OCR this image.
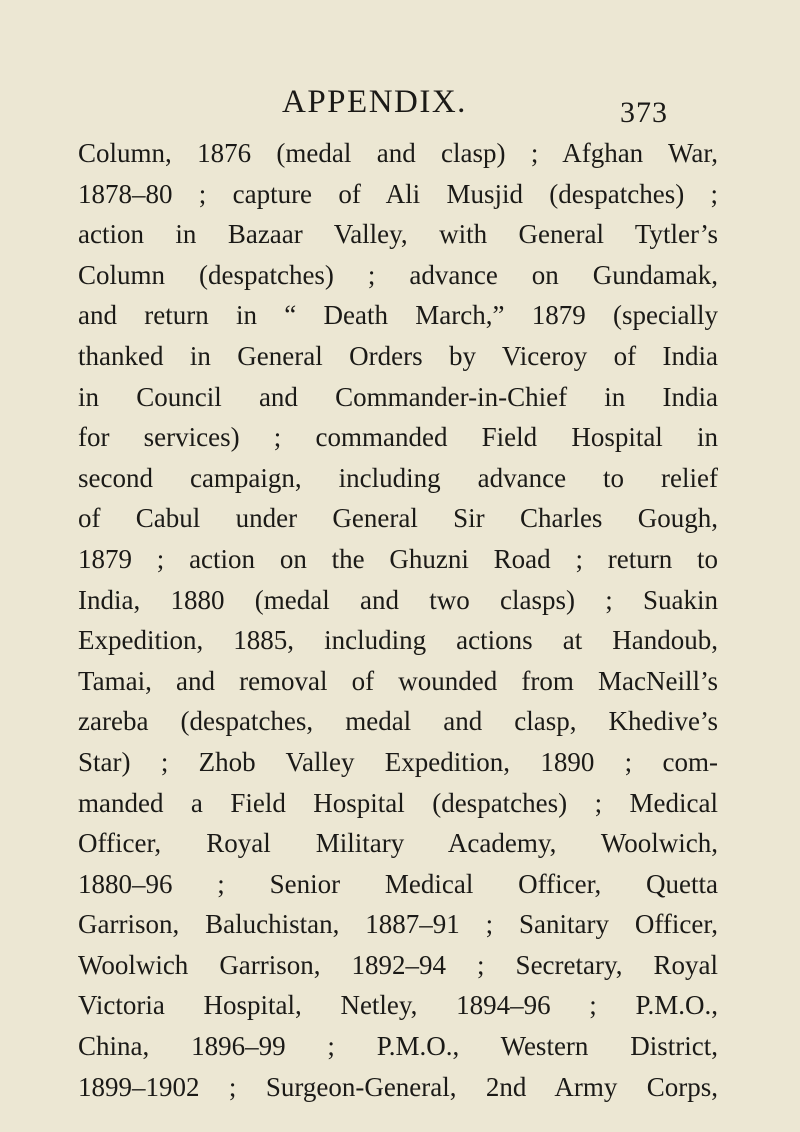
APPENDIX.	373
Column, 1876 (medal and clasp) ; Afghan War,
1878–80 ; capture of Ali Musjid (despatches) ;
action in Bazaar Valley, with General Tytler’s
Column (despatches) ; advance on Gundamak,
and return in “ Death March,” 1879 (specially
thanked in General Orders by Viceroy of India
in Council and Commander-in-Chief in India
for services) ; commanded Field Hospital in
second campaign, including advance to relief
of Cabul under General Sir Charles Gough,
1879 ; action on the Ghuzni Road ; return to
India, 1880 (medal and two clasps) ; Suakin
Expedition, 1885, including actions at Handoub,
Tamai, and removal of wounded from MacNeill’s
zareba (despatches, medal and clasp, Khedive’s
Star) ; Zhob Valley Expedition, 1890 ; com-
manded a Field Hospital (despatches) ; Medical
Officer, Royal Military Academy, Woolwich,
1880–96 ; Senior Medical Officer, Quetta
Garrison, Baluchistan, 1887–91 ; Sanitary Officer,
Woolwich Garrison, 1892–94 ; Secretary, Royal
Victoria Hospital, Netley, 1894–96 ; P.M.O.,
China, 1896–99 ; P.M.O., Western District,
1899–1902 ; Surgeon-General, 2nd Army Corps,
